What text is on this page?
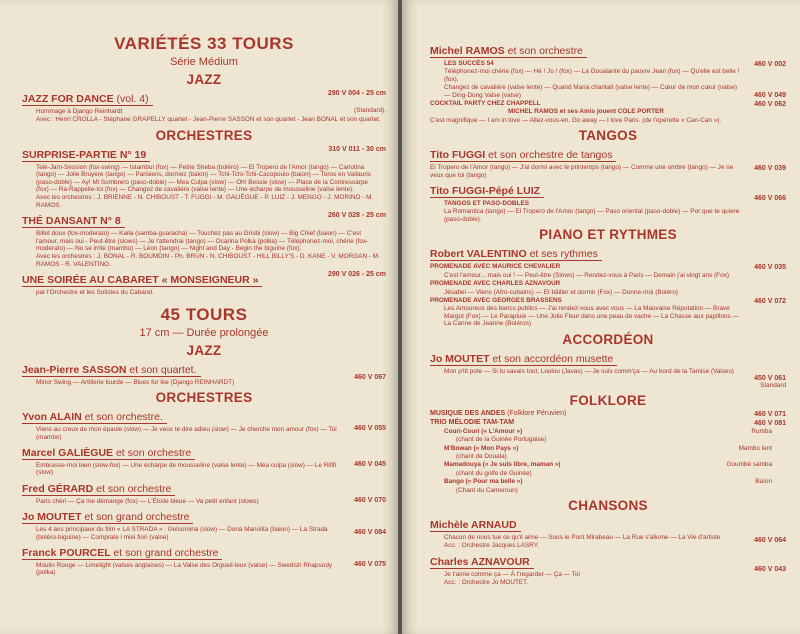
VARIÉTÉS 33 TOURS
Série Médium
JAZZ
JAZZ FOR DANCE (vol. 4)	290 V 004 - 25 cm
(Standard).
Hommage à Django Reinhardt
Avec : Henri CROLLA - Stéphane GRAPELLY quartet - Jean-Pierre SASSON et son quartet - Jean BONAL et son quartet.
ORCHESTRES
SURPRISE-PARTIE N° 19	310 V 011 - 30 cm
Tele-Jam-Session (fox-swing) — Istambul (fox) — Petite Sheba (boléro) — El Tropero de l'Amor (tango) — Carlotina (tango) — Jolie Bruyère (tango) — Parisiens, dormez (baion) — Tchi-Tchi-Tchi-Cacopoulo (baion) — Toros en Vallauris (paso-doble) — Ay! Mi Sombrero (paso-doble) — Mea Culpa (slow) — Oh! Bessie (slow) — Place de la Contrescarpe (fox) — Ra-Rappelle-toi (fox) — Changez de cavalière (valse lente) — Une écharpe de mousseline (valse lente).
Avec les orchestres : J. BRIENNE - N. CHIBOUST - T. FUGGI - M. GALIÈGUE - P. LUIZ - J. MENGO - J. MORINO - M. RAMOS.
THÉ DANSANT N° 8	260 V 028 - 25 cm
Billet doux (fox-moderato) — Kaila (samba-guaracha) — Touchez pas au Grisbi (slow) — Big Chief (baion) — C'est l'amour, mais oui - Peut-être (slows) — Je l'attendrai (tango) — Ocarina Polka (polka) — Téléphonez-moi, chérie (fox-moderato) — No se irrite (mambo) — Léon (tango) — Night and Day - Begin the biguine (fox).
Avec les orchestres : J. BONAL - R. BOUMDIN - Ph. BRUN - N. CHIBOUST - HILL BILLY'S - D. KANE - V. MORGAN - M. RAMOS - R. VALENTINO.
UNE SOIRÉE AU CABARET « MONSEIGNEUR »	290 V 026 - 25 cm
par l'Orchestre et les Solistes du Cabaret.
45 TOURS
17 cm — Durée prolongée
JAZZ
Jean-Pierre SASSON et son quartet.
460 V 067
Minor Swing — Artillerie lourde — Blues for Ike (Django REINHARDT)
ORCHESTRES
Yvon ALAIN et son orchestre.
460 V 055
Viens au creux de mon épaule (slow) — Je veux te dire adieu (slow) — Je cherche mon amour (fox) — Toi (mambo)
Marcel GALIÈGUE et son orchestre
460 V 045
Embrasse-moi bien (slow-fox) — Une écharpe de mousseline (valse lente) — Mea culpa (slow) — Le Rififi (slow)
Fred GÉRARD et son orchestre
460 V 070
Paris chéri — Ça me démange (fox) — L'Étoile bleue — Va petit enfant (slows)
Jo MOUTET et son grand orchestre
460 V 084
Les 4 airs principaux du film « LA STRADA » : Gelsomina (slow) — Dona Manolita (baion) — La Strada (boléro-biguine) — Comprate i miei fiori (valse)
Franck POURCEL et son grand orchestre
460 V 075
Moulin Rouge — Limelight (valses anglaises) — La Valse des Orgueil-leux (valse) — Swedish Rhapsody (polka)
Michel RAMOS et son orchestre
LES SUCCÈS 54	460 V 002
Téléphonez-moi chérie (fox) — Hé ! Jo ! (fox) — La Goualante du pauvre Jean (fox) — Qu'elle est belle ! (fox).
Changez de cavalière (valse lente) — Quand Maria chantait (valse lente) — Cœur de mon cœur (valse) — Ding-Dong Valse (valse)	460 V 049
COCKTAIL PARTY CHEZ CHAPPELL	460 V 062
MICHEL RAMOS et ses Amis jouent COLE PORTER
C'est magnifique — I am in love — Allez-vous-en, Go away — I love Paris. (de l'opérette « Can-Can »).
TANGOS
Tito FUGGI et son orchestre de tangos
460 V 039
El Tropero de l'Amor (tango) — J'ai dormi avec le printemps (tango) — Comme une ombre (tango) — Je ne veux que toi (tango)
Tito FUGGI-Pépé LUIZ
460 V 066
TANGOS ET PASO-DOBLES
La Romantica (tango) — El Tropero de l'Amor (tango) — Paso oriental (paso-doble) — Por que te quiere (paso-doble).
PIANO ET RYTHMES
Robert VALENTINO et ses rythmes
PROMENADE AVEC MAURICE CHEVALIER	460 V 035
C'est l'amour... mais oui ! — Peut-être (Slows) — Rendez-vous à Paris — Demain j'ai vingt ans (Fox)
PROMENADE AVEC CHARLES AZNAVOUR
Jésabel — Viens (Afro-cubains) — Et bâiller et dormir (Fox) — Donne-moi (Boléro)
PROMENADE AVEC GEORGES BRASSENS	460 V 072
Les Amoureux des bancs publics — J'ai rendez-vous avec vous — La Mauvaise Réputation — Brave Margot (Fox) — Le Parapluie — Une Jolie Fleur dans une peau de vache — La Chasse aux papillons — La Canne de Jeanne (Boléros)
ACCORDÉON
Jo MOUTET et son accordéon musette
Mon p'tit pote — Si tu savais tout, Loulou (Javas) — Je suis comm'ça — Au bord de la Tamise (Valses)
450 V 061
Standard
FOLKLORE
MUSIQUE DES ANDES (Folklore Péruvien)	460 V 071
TRIO MÉLODIE TAM-TAM	460 V 081
Couri-Couri (« L'Amour »)	Rumba
(chant de la Guinée Portugaise)
M'Bowan (« Mon Pays »)	Mambo lent
(chant de Douala)
Mamadouya (« Je suis libre, maman »)	Goumbé samba
(chant du golfe de Guinée)
Bango (« Pour ma belle »)	Baïon
(Chant du Cameroun)
CHANSONS
Michèle ARNAUD
460 V 064
Chacun de nous tue ce qu'il aime — Sous le Pont Mirabeau — La Rue s'allume — La Vie d'artiste
Acc. : Orchestre Jacques LASRY.
Charles AZNAVOUR
460 V 043
Je t'aime comme ça — À t'regarder — Ça — Toi
Acc. : Orchestre Jo MOUTET.
